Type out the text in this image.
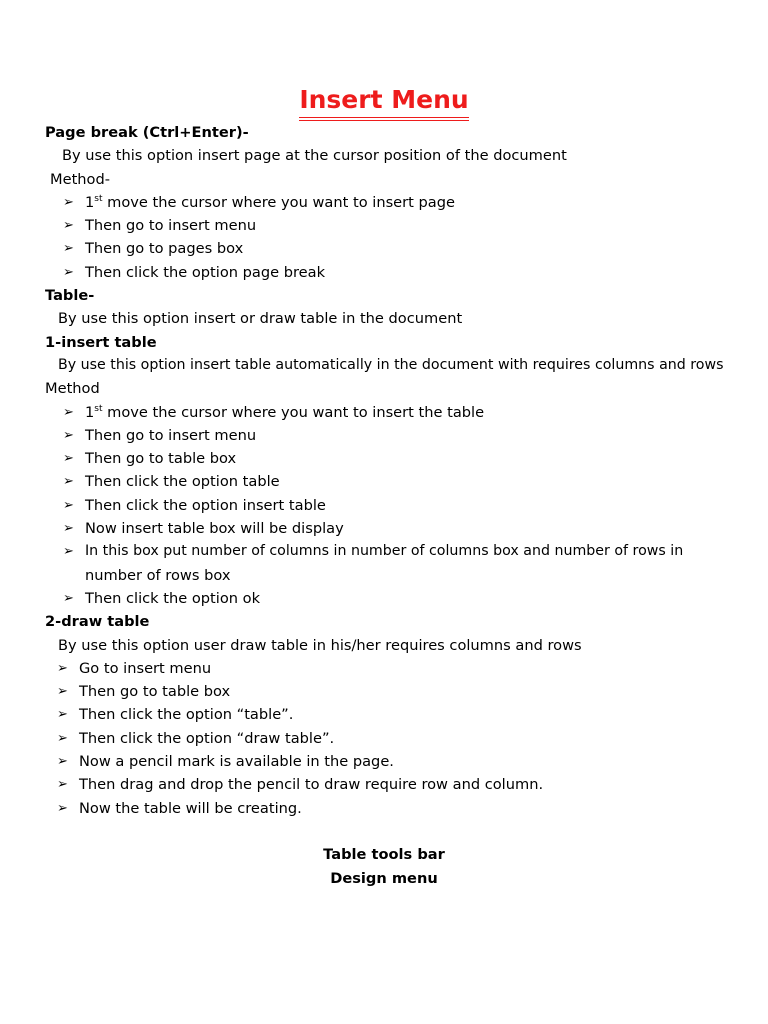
Insert Menu
Page break (Ctrl+Enter)-
By use this option insert page at the cursor position of the document
Method-
➢ 1st move the cursor where you want to insert page
➢ Then go to insert menu
➢ Then go to pages box
➢ Then click the option page break
Table-
By use this option insert or draw table in the document
1-insert table
By use this option insert table automatically in the document with requires columns and rows
Method
➢ 1st move the cursor where you want to insert the table
➢ Then go to insert menu
➢ Then go to table box
➢ Then click the option table
➢ Then click the option insert table
➢ Now insert table box will be display
➢ In this box put number of columns in number of columns box and number of rows in
number of rows box
➢ Then click the option ok
2-draw table
By use this option user draw table in his/her requires columns and rows
➢ Go to insert menu
➢ Then go to table box
➢ Then click the option “table”.
➢ Then click the option “draw table”.
➢ Now a pencil mark is available in the page.
➢ Then drag and drop the pencil to draw require row and column.
➢ Now the table will be creating.
Table tools bar
Design menu
